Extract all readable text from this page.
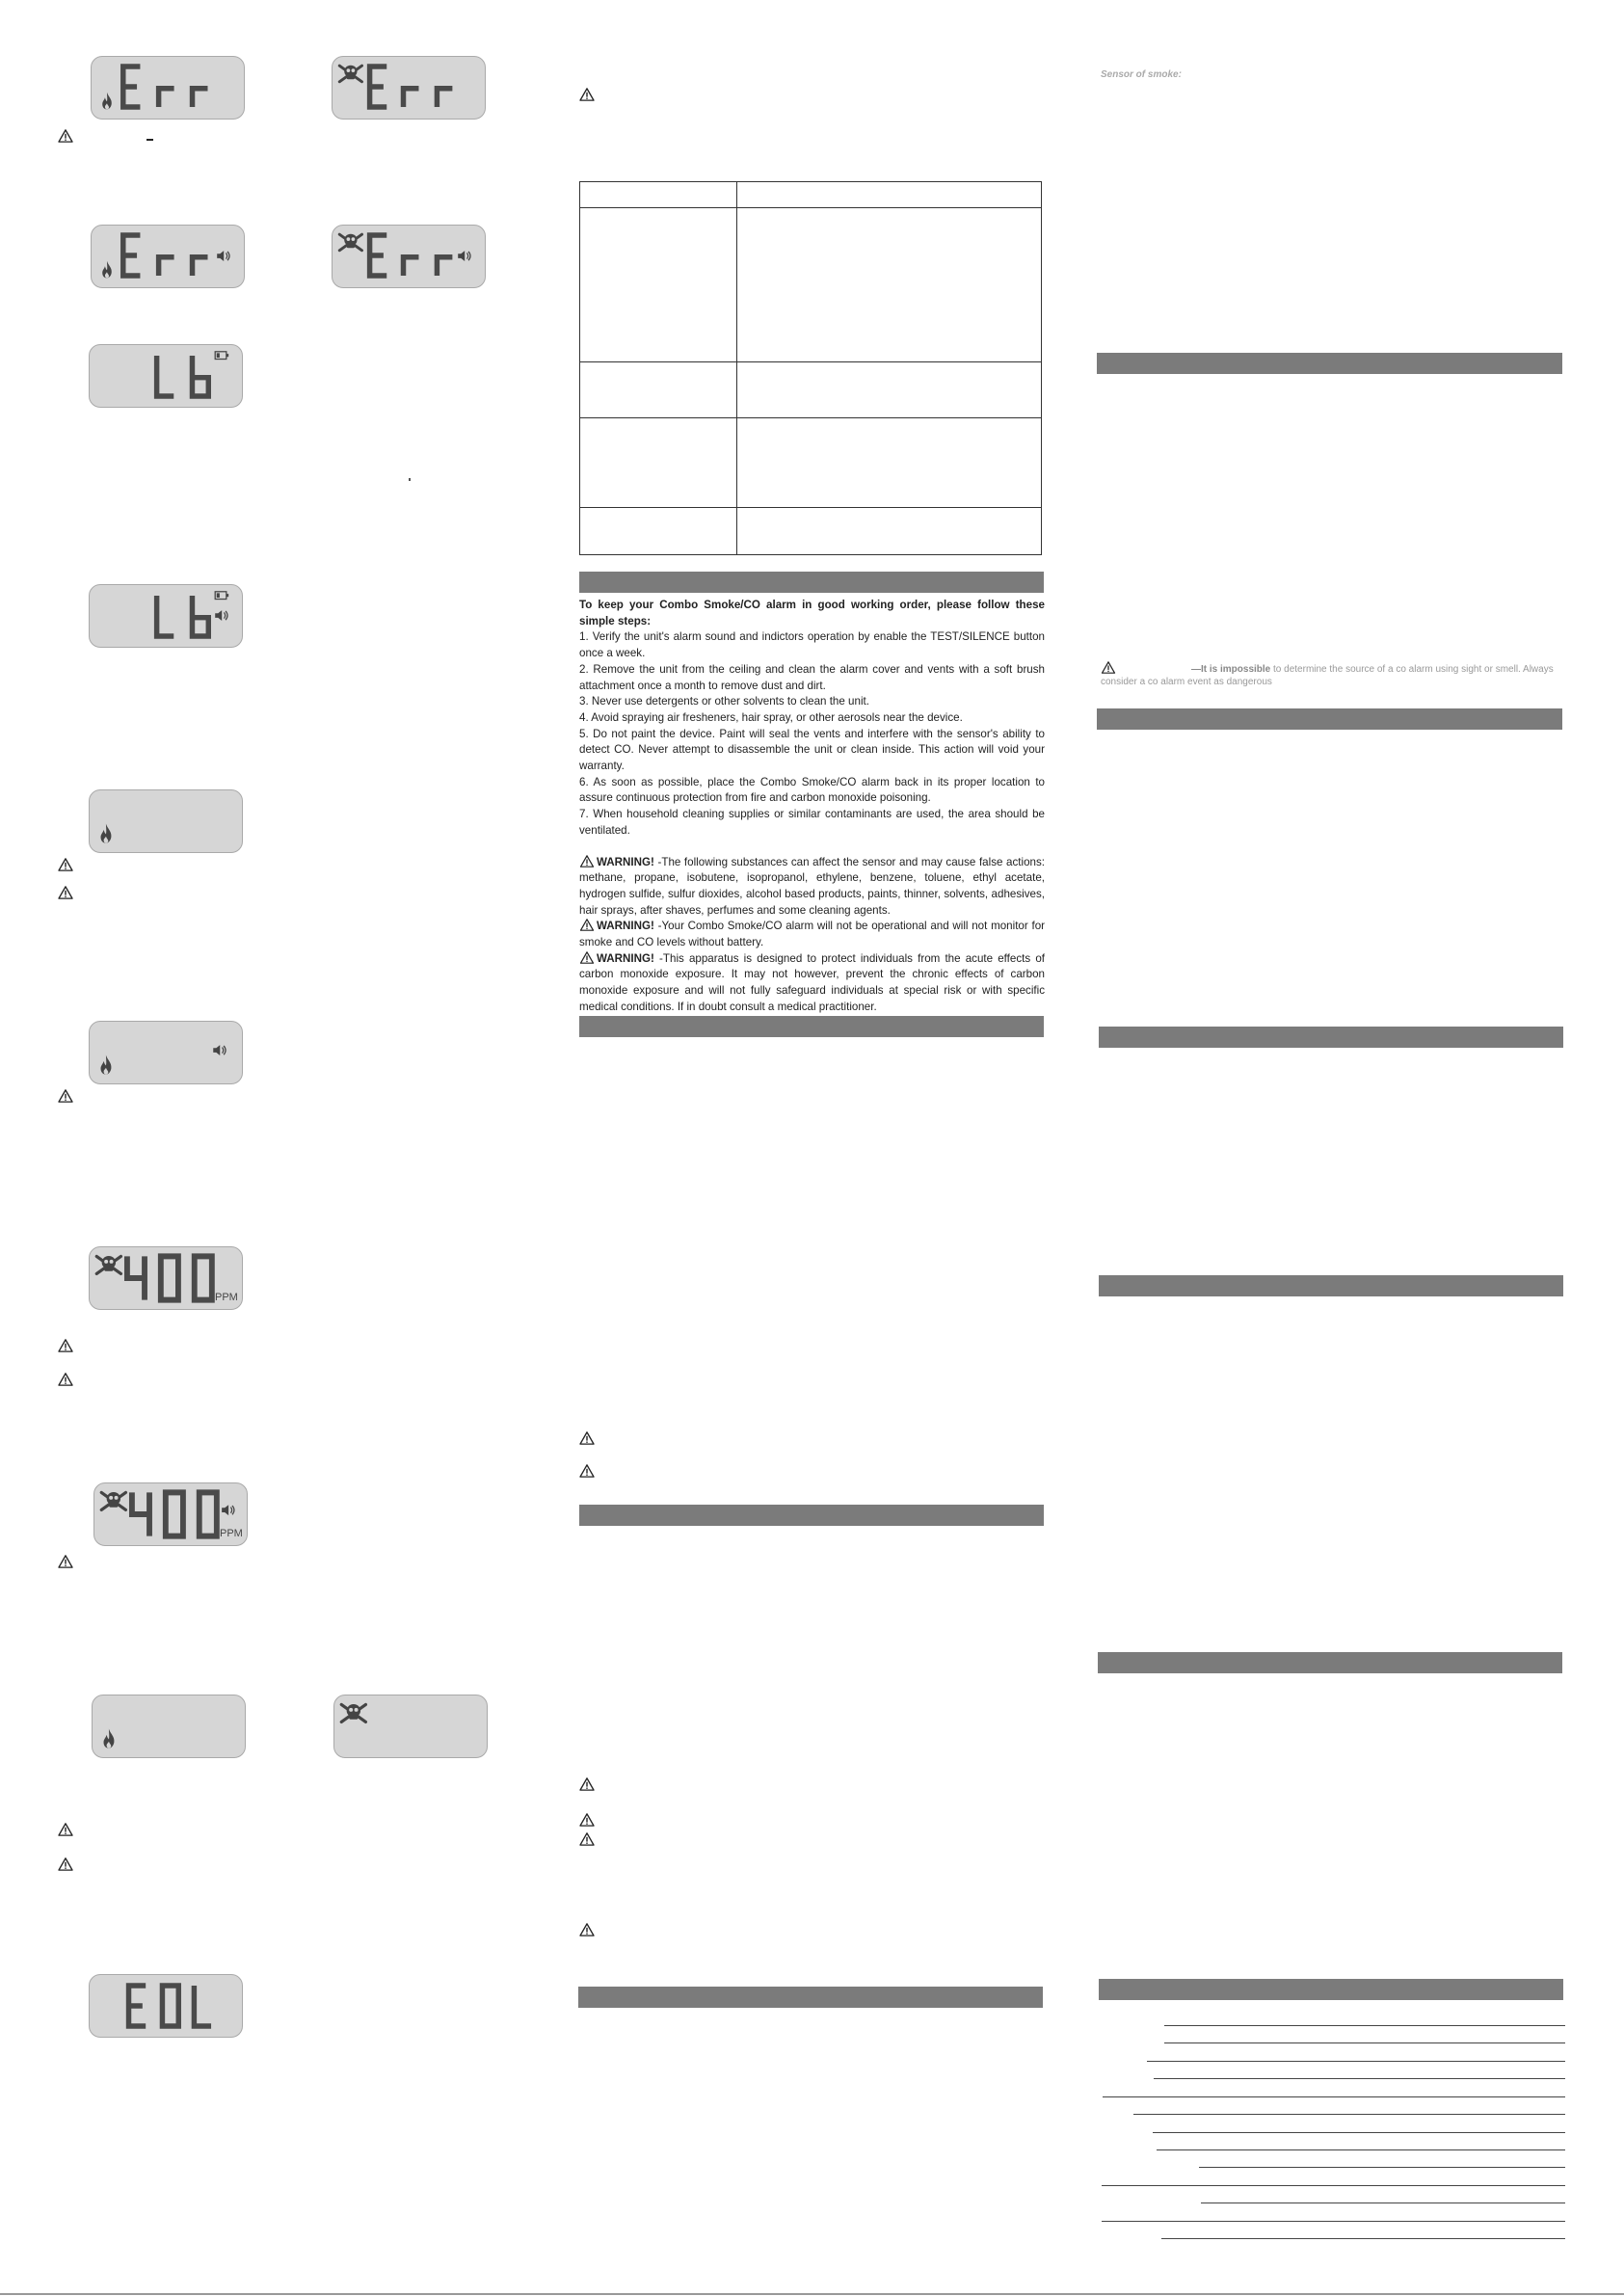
PPM
PPM

To keep your Combo Smoke/CO alarm in good working order, please follow these simple steps:

1. Verify the unit's alarm sound and indictors operation by enable the TEST/SILENCE button once a week.

2. Remove the unit from the ceiling and clean the alarm cover and vents with a soft brush attachment once a month to remove dust and dirt.

3. Never use detergents or other solvents to clean the unit.

4. Avoid spraying air fresheners, hair spray, or other aerosols near the device.

5. Do not paint the device. Paint will seal the vents and interfere with the sensor's ability to detect CO. Never attempt to disassemble the unit or clean inside. This action will void your warranty.

6. As soon as possible, place the Combo Smoke/CO alarm back in its proper location to assure continuous protection from fire and carbon monoxide poisoning.

7. When household cleaning supplies or similar contaminants are used, the area should be ventilated.

WARNING! -The following substances can affect the sensor and may cause false actions: methane, propane, isobutene, isopropanol, ethylene, benzene, toluene, ethyl acetate, hydrogen sulfide, sulfur dioxides, alcohol based products, paints, thinner, solvents, adhesives, hair sprays, after shaves, perfumes and some cleaning agents.

WARNING! -Your Combo Smoke/CO alarm will not be operational and will not monitor for smoke and CO levels without battery.

WARNING! -This apparatus is designed to protect individuals from the acute effects of carbon monoxide exposure. It may not however, prevent the chronic effects of carbon monoxide exposure and will not fully safeguard individuals at special risk or with specific medical conditions. If in doubt consult a medical practitioner.

Sensor of smoke:
—It is impossible to determine the source of a co alarm using sight or smell. Always consider a co alarm event as dangerous
